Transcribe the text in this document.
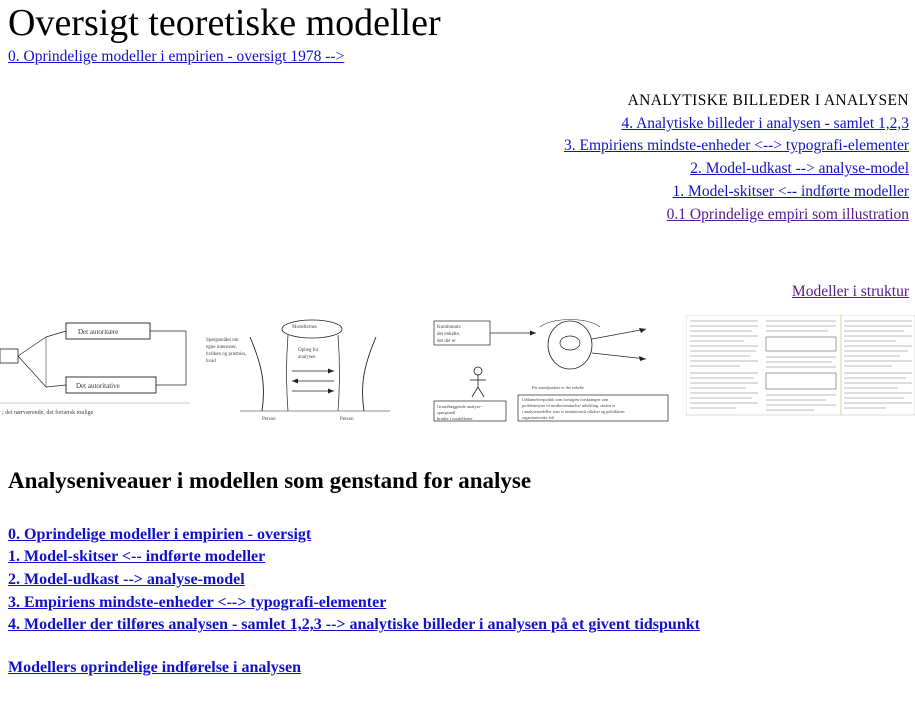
Oversigt teoretiske modeller
0. Oprindelige modeller i empirien - oversigt 1978 -->
ANALYTISKE BILLEDER I ANALYSEN
4. Analytiske billeder i analysen - samlet 1,2,3
3. Empiriens mindste-enheder <--> typografi-elementer
2. Model-udkast --> analyse-model
1. Model-skitser <-- indførte modeller
0.1 Oprindelige empiri som illustration
Modeller i struktur
Det autoritære
Det autoritative
; det nærværende, det fortærsk mulige
Modellernes
Spørgsmålet om
egne interesser,
hvilken og præmiss,
hvad
Oplæg for
analysen
Person	Person
Kontinuum:
det enkelte,
det der er
Grundlæggende analyse-
spørgsmål
bruder i modellerne
Uddannelsespolitik som forsøg/en forskningen som
problemstyret til medbestemmelse/ udvikling: skolen er
i analysemodeller som et institutionelt vilkåret og politikkens
organisatoriske felt
Per standpunkter er det enkelte
Analyseniveauer i modellen som genstand for analyse
0. Oprindelige modeller i empirien - oversigt
1. Model-skitser <-- indførte modeller
2. Model-udkast --> analyse-model
3. Empiriens mindste-enheder <--> typografi-elementer
4. Modeller der tilføres analysen - samlet 1,2,3 --> analytiske billeder i analysen på et givent tidspunkt
Modellers oprindelige indførelse i analysen
